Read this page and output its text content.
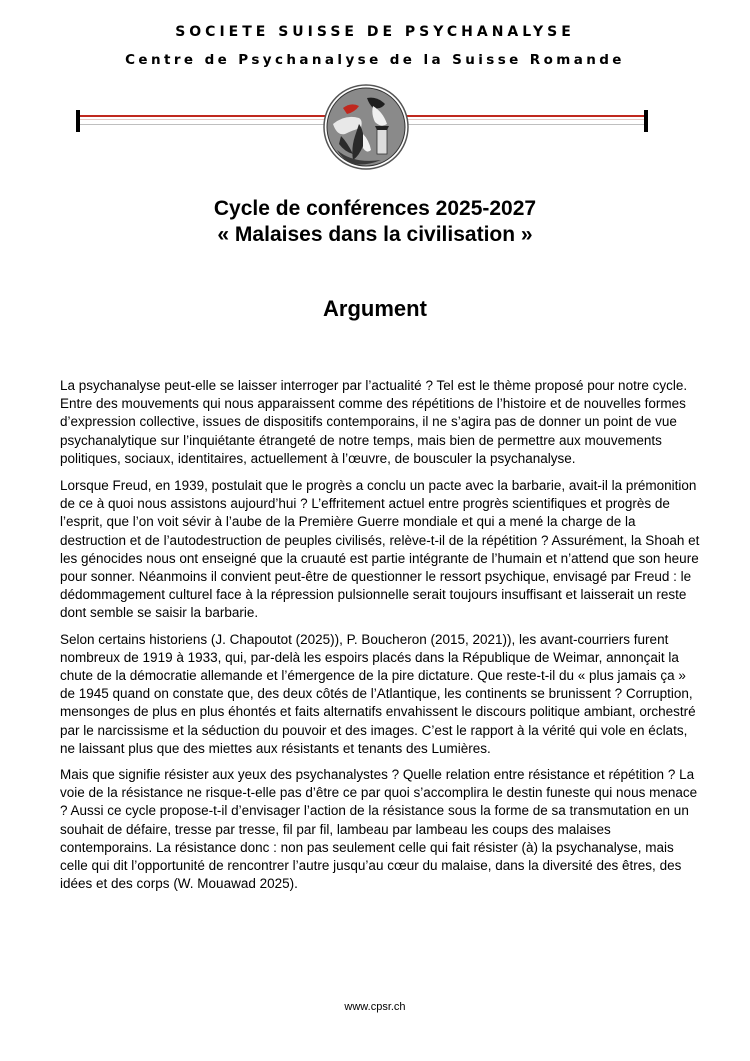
SOCIETE SUISSE DE PSYCHANALYSE
Centre de Psychanalyse de la Suisse Romande
Cycle de conférences 2025-2027
« Malaises dans la civilisation »
Argument

La psychanalyse peut-elle se laisser interroger par l’actualité ? Tel est le thème proposé pour notre cycle. Entre des mouvements qui nous apparaissent comme des répétitions de l’histoire et de nouvelles formes d’expression collective, issues de dispositifs contemporains, il ne s’agira pas de donner un point de vue psychanalytique sur l’inquiétante étrangeté de notre temps, mais bien de permettre aux mouvements politiques, sociaux, identitaires, actuellement à l’œuvre, de bousculer la psychanalyse.

Lorsque Freud, en 1939, postulait que le progrès a conclu un pacte avec la barbarie, avait-il la prémonition de ce à quoi nous assistons aujourd’hui ? L’effritement actuel entre progrès scientifiques et progrès de l’esprit, que l’on voit sévir à l’aube de la Première Guerre mondiale et qui a mené la charge de la destruction et de l’autodestruction de peuples civilisés, relève-t-il de la répétition ? Assurément, la Shoah et les génocides nous ont enseigné que la cruauté est partie intégrante de l’humain et n’attend que son heure pour sonner. Néanmoins il convient peut-être de questionner le ressort psychique, envisagé par Freud : le dédommagement culturel face à la répression pulsionnelle serait toujours insuffisant et laisserait un reste dont semble se saisir la barbarie.

Selon certains historiens (J. Chapoutot (2025)), P. Boucheron (2015, 2021)), les avant-courriers furent nombreux de 1919 à 1933, qui, par-delà les espoirs placés dans la République de Weimar, annonçait la chute de la démocratie allemande et l’émergence de la pire dictature. Que reste-t-il du « plus jamais ça » de 1945 quand on constate que, des deux côtés de l’Atlantique, les continents se brunissent ? Corruption, mensonges de plus en plus éhontés et faits alternatifs envahissent le discours politique ambiant, orchestré par le narcissisme et la séduction du pouvoir et des images. C’est le rapport à la vérité qui vole en éclats, ne laissant plus que des miettes aux résistants et tenants des Lumières.

Mais que signifie résister aux yeux des psychanalystes ? Quelle relation entre résistance et répétition ? La voie de la résistance ne risque-t-elle pas d’être ce par quoi s’accomplira le destin funeste qui nous menace ? Aussi ce cycle propose-t-il d’envisager l’action de la résistance sous la forme de sa transmutation en un souhait de défaire, tresse par tresse, fil par fil, lambeau par lambeau les coups des malaises contemporains. La résistance donc : non pas seulement celle qui fait résister (à) la psychanalyse, mais celle qui dit l’opportunité de rencontrer l’autre jusqu’au cœur du malaise, dans la diversité des êtres, des idées et des corps (W. Mouawad 2025).

www.cpsr.ch
